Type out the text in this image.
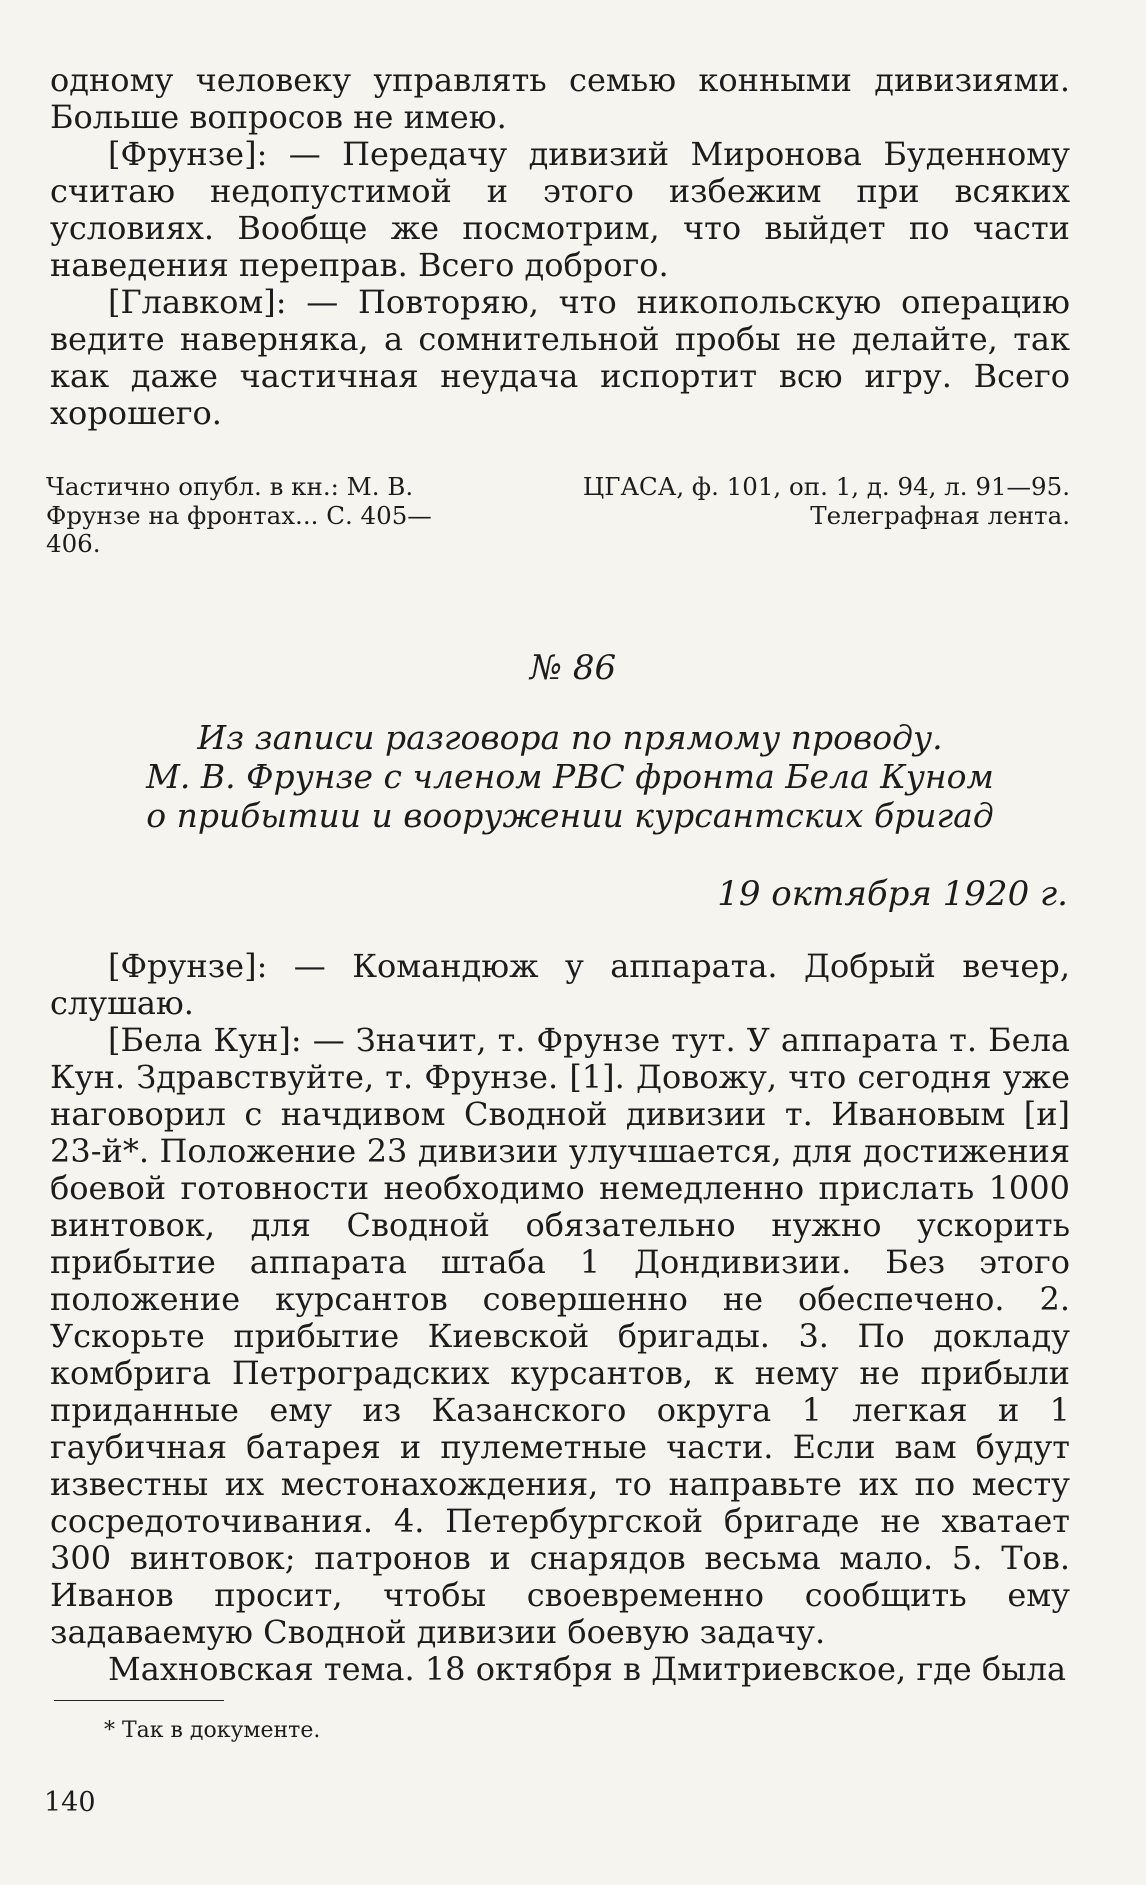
одному человеку управлять семью конными дивизиями. Больше вопросов не имею.

[Фрунзе]: — Передачу дивизий Миронова Буденному считаю недопустимой и этого избежим при всяких условиях. Вообще же посмотрим, что выйдет по части наведения переправ. Всего доброго.

[Главком]: — Повторяю, что никопольскую операцию ведите наверняка, а сомнительной пробы не делайте, так как даже частичная неудача испортит всю игру. Всего хорошего.

Частично опубл. в кн.: М. В. Фрунзе на фронтах... С. 405—406.
ЦГАСА, ф. 101, оп. 1, д. 94, л. 91—95. Телеграфная лента.
№ 86
Из записи разговора по прямому проводу.
М. В. Фрунзе с членом РВС фронта Бела Куном
о прибытии и вооружении курсантских бригад
19 октября 1920 г.

[Фрунзе]: — Командюж у аппарата. Добрый вечер, слушаю.

[Бела Кун]: — Значит, т. Фрунзе тут. У аппарата т. Бела Кун. Здравствуйте, т. Фрунзе. [1]. Довожу, что сегодня уже наговорил с начдивом Сводной дивизии т. Ивановым [и] 23-й*. Положение 23 дивизии улучшается, для достижения боевой готовности необходимо немедленно прислать 1000 винтовок, для Сводной обязательно нужно ускорить прибытие аппарата штаба 1 Дондивизии. Без этого положение курсантов совершенно не обеспечено. 2. Ускорьте прибытие Киевской бригады. 3. По докладу комбрига Петроградских курсантов, к нему не прибыли приданные ему из Казанского округа 1 легкая и 1 гаубичная батарея и пулеметные части. Если вам будут известны их местонахождения, то направьте их по месту сосредоточивания. 4. Петербургской бригаде не хватает 300 винтовок; патронов и снарядов весьма мало. 5. Тов. Иванов просит, чтобы своевременно сообщить ему задаваемую Сводной дивизии боевую задачу.

Махновская тема. 18 октября в Дмитриевское, где была

* Так в документе.
140
